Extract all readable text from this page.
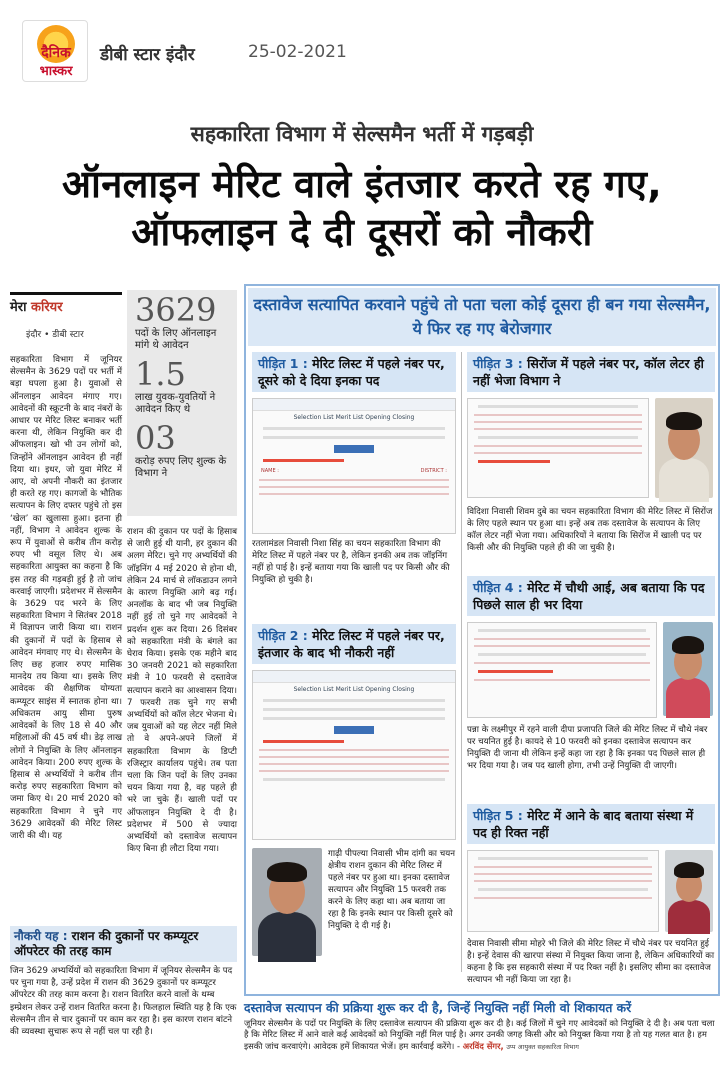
दैनिक
भास्कर
डीबी स्टार इंदौर	25-02-2021
सहकारिता विभाग में सेल्समैन भर्ती में गड़बड़ी
ऑनलाइन मेरिट वाले इंतजार करते रह गए, ऑफलाइन दे दी दूसरों को नौकरी
मेरा करियर
इंदौर • डीबी स्टार
सहकारिता विभाग में जूनियर सेल्समैन के 3629 पदों पर भर्ती में बड़ा घपला हुआ है। युवाओं से ऑनलाइन आवेदन मंगाए गए। आवेदनों की स्क्रूटनी के बाद नंबरों के आधार पर मेरिट लिस्ट बनाकर भर्ती करना थी, लेकिन नियुक्ति कर दी ऑफलाइन। खो भी उन लोगों को, जिन्होंने ऑनलाइन आवेदन ही नहीं दिया था। इधर, जो युवा मेरिट में आए, वो अपनी नौकरी का इंतजार ही करते रह गए। कागजों के भौतिक सत्यापन के लिए दफ्तर पहुंचे तो इस ‘खेल’ का खुलासा हुआ। इतना ही नहीं, विभाग ने आवेदन शुल्क के रूप में युवाओं से करीब तीन करोड़ रुपए भी वसूल लिए थे। अब सहकारिता आयुक्त का कहना है कि इस तरह की गड़बड़ी हुई है तो जांच करवाई जाएगी। प्रदेशभर में सेल्समैन के 3629 पद भरने के लिए सहकारिता विभाग ने सितंबर 2018 में विज्ञापन जारी किया था। राशन की दुकानों में पदों के हिसाब से आवेदन मंगवाए गए थे। सेल्समैन के लिए छह हजार रुपए मासिक मानदेय तय किया था। इसके लिए आवेदक की शैक्षणिक योग्यता कम्प्यूटर साइंस में स्नातक होना था। अधिकतम आयु सीमा पुरुष आवेदकों के लिए 18 से 40 और महिलाओं की 45 वर्ष थी। डेढ़ लाख लोगों ने नियुक्ति के लिए ऑनलाइन आवेदन किया। 200 रुपए शुल्क के हिसाब से अभ्यर्थियों ने करीब तीन करोड़ रुपए सहकारिता विभाग को जमा किए थे। 20 मार्च 2020 को सहकारिता विभाग ने चुने गए 3629 आवेदकों की मेरिट लिस्ट जारी की थी। यह
3629
पदों के लिए ऑनलाइन मांगे थे आवेदन
1.5
लाख युवक-युवतियों ने आवेदन किए थे
03
करोड़ रुपए लिए शुल्क के विभाग ने
राशन की दुकान पर पदों के हिसाब से जारी हुई थी यानी, हर दुकान की अलग मेरिट। चुने गए अभ्यर्थियों की जॉइनिंग 4 मई 2020 से होना थी, लेकिन 24 मार्च से लॉकडाउन लगने के कारण नियुक्ति आगे बढ़ गई। अनलॉक के बाद भी जब नियुक्ति नहीं हुई तो चुने गए आवेदकों ने प्रदर्शन शुरू कर दिया। 26 दिसंबर को सहकारिता मंत्री के बंगले का घेराव किया। इसके एक महीने बाद 30 जनवरी 2021 को सहकारिता मंत्री ने 10 फरवरी से दस्तावेज सत्यापन कराने का आश्वासन दिया। 7 फरवरी तक चुने गए सभी अभ्यर्थियों को कॉल लेटर भेजना थे। जब युवाओं को यह लेटर नहीं मिले तो वे अपने-अपने जिलों में सहकारिता विभाग के डिप्टी रजिस्ट्रार कार्यालय पहुंचे। तब पता चला कि जिन पदों के लिए उनका चयन किया गया है, वह पहले ही भरे जा चुके हैं। खाली पदों पर ऑफलाइन नियुक्ति दे दी है। प्रदेशभर में 500 से ज्यादा अभ्यर्थियों को दस्तावेज सत्यापन किए बिना ही लौटा दिया गया।
नौकरी यह : राशन की दुकानों पर कम्प्यूटर ऑपरेटर की तरह काम
जिन 3629 अभ्यर्थियों को सहकारिता विभाग में जूनियर सेल्समैन के पद पर चुना गया है, उन्हें प्रदेश में राशन की 3629 दुकानों पर कम्प्यूटर ऑपरेटर की तरह काम करना है। राशन वितरित करने वालों के थम्ब इम्प्रेशन लेकर उन्हें राशन वितरित करना है। फिलहाल स्थिति यह है कि एक सेल्समैन तीन से चार दुकानों पर काम कर रहा है। इस कारण राशन बांटने की व्यवस्था सुचारू रूप से नहीं चल पा रही है।
दस्तावेज सत्यापित करवाने पहुंचे तो पता चला कोई दूसरा ही बन गया सेल्समैन, ये फिर रह गए बेरोजगार
पीड़ित 1 : मेरिट लिस्ट में पहले नंबर पर, दूसरे को दे दिया इनका पद
Selection List Merit List Opening Closing
NAME :	DISTRICT :
रतलामंडल निवासी निशा सिंह का चयन सहकारिता विभाग की मेरिट लिस्ट में पहले नंबर पर है, लेकिन इनकी अब तक जॉइनिंग नहीं हो पाई है। इन्हें बताया गया कि खाली पद पर किसी और की नियुक्ति हो चुकी है।
पीड़ित 2 : मेरिट लिस्ट में पहले नंबर पर, इंतजार के बाद भी नौकरी नहीं
Selection List Merit List Opening Closing
गाढ़ी पीपल्या निवासी भीम दांगी का चयन क्षेत्रीय राशन दुकान की मेरिट लिस्ट में पहले नंबर पर हुआ था। इनका दस्तावेज सत्यापन और नियुक्ति 15 फरवरी तक करने के लिए कहा था। अब बताया जा रहा है कि इनके स्थान पर किसी दूसरे को नियुक्ति दे दी गई है।
पीड़ित 3 : सिरोंज में पहले नंबर पर, कॉल लेटर ही नहीं भेजा विभाग ने
विदिशा निवासी शिवम दुबे का चयन सहकारिता विभाग की मेरिट लिस्ट में सिरोंज के लिए पहले स्थान पर हुआ था। इन्हें अब तक दस्तावेज के सत्यापन के लिए कॉल लेटर नहीं भेजा गया। अधिकारियों ने बताया कि सिरोंज में खाली पद पर किसी और की नियुक्ति पहले ही की जा चुकी है।
पीड़ित 4 : मेरिट में चौथी आई, अब बताया कि पद पिछले साल ही भर दिया
पन्ना के लक्ष्मीपुर में रहने वाली दीपा प्रजापति जिले की मेरिट लिस्ट में चौथे नंबर पर चयनित हुई है। कायदे से 10 फरवरी को इनका दस्तावेज सत्यापन कर नियुक्ति दी जाना थी लेकिन इन्हें कहा जा रहा है कि इनका पद पिछले साल ही भर दिया गया है। जब पद खाली होगा, तभी उन्हें नियुक्ति दी जाएगी।
पीड़ित 5 : मेरिट में आने के बाद बताया संस्था में पद ही रिक्त नहीं
देवास निवासी सीमा मोहरे भी जिले की मेरिट लिस्ट में चौथे नंबर पर चयनित हुई है। इन्हें देवास की खारपा संस्था में नियुक्त किया जाना है, लेकिन अधिकारियों का कहना है कि इस सहकारी संस्था में पद रिक्त नहीं है। इसलिए सीमा का दस्तावेज सत्यापन भी नहीं किया जा रहा है।
दस्तावेज सत्यापन की प्रक्रिया शुरू कर दी है, जिन्हें नियुक्ति नहीं मिली वो शिकायत करें
जूनियर सेल्समैन के पदों पर नियुक्ति के लिए दस्तावेज सत्यापन की प्रक्रिया शुरू कर दी है। कई जिलों में चुने गए आवेदकों को नियुक्ति दे दी है। अब पता चला है कि मेरिट लिस्ट में आने वाले कई आवेदकों को नियुक्ति नहीं मिल पाई है। अगर उनकी जगह किसी और को नियुक्त किया गया है तो यह गलत बात है। हम इसकी जांच करवाएंगे। आवेदक हमें शिकायत भेजें। हम कार्रवाई करेंगे। - अरविंद सेंगर, उप्प आयुक्त सहकारिता विभाग
